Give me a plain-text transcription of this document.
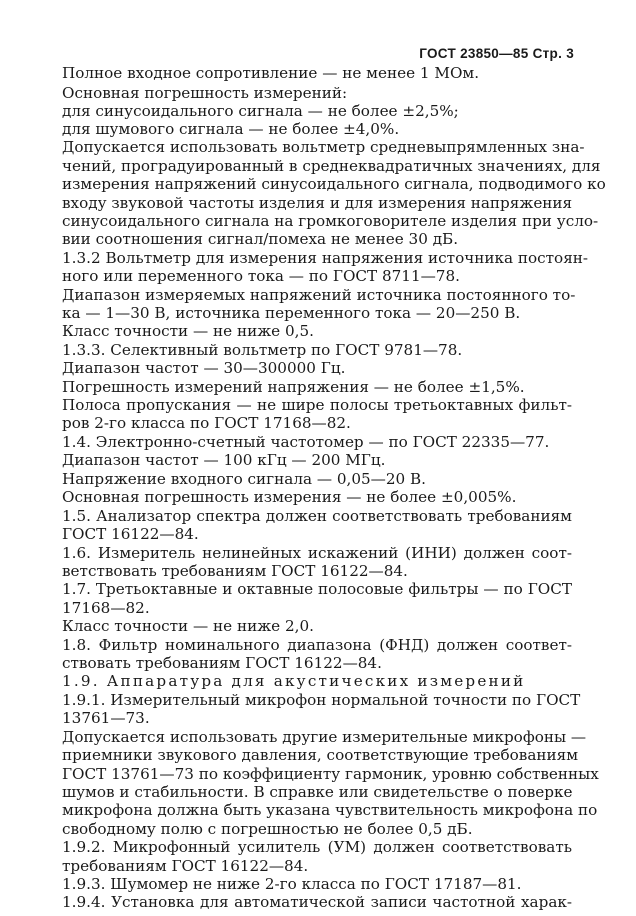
ГОСТ 23850—85 Стр. 3
Полное входное сопротивление — не менее 1 МОм.
Основная погрешность измерений:
для синусоидального сигнала — не более ±2,5%;
для шумового сигнала — не более ±4,0%.
Допускается использовать вольтметр средневыпрямленных зна-
чений, проградуированный в среднеквадратичных значениях, для
измерения напряжений синусоидального сигнала, подводимого ко
входу звуковой частоты изделия и для измерения напряжения
синусоидального сигнала на громкоговорителе изделия при усло-
вии соотношения сигнал/помеха не менее 30 дБ.
1.3.2 Вольтметр для измерения напряжения источника постоян-
ного или переменного тока — по ГОСТ 8711—78.
Диапазон измеряемых напряжений источника постоянного то-
ка — 1—30 В, источника переменного тока — 20—250 В.
Класс точности — не ниже 0,5.
1.3.3. Селективный вольтметр по ГОСТ 9781—78.
Диапазон частот — 30—300000 Гц.
Погрешность измерений напряжения — не более ±1,5%.
Полоса пропускания — не шире полосы третьоктавных фильт-
ров 2-го класса по ГОСТ 17168—82.
1.4. Электронно-счетный частотомер — по ГОСТ 22335—77.
Диапазон частот — 100 кГц — 200 МГц.
Напряжение входного сигнала — 0,05—20 В.
Основная погрешность измерения — не более ±0,005%.
1.5. Анализатор спектра должен соответствовать требованиям
ГОСТ 16122—84.
1.6. Измеритель нелинейных искажений (ИНИ) должен соот-
ветствовать требованиям ГОСТ 16122—84.
1.7. Третьоктавные и октавные полосовые фильтры — по ГОСТ
17168—82.
Класс точности — не ниже 2,0.
1.8. Фильтр номинального диапазона (ФНД) должен соответ-
ствовать требованиям ГОСТ 16122—84.
1.9. Аппаратура для акустических измерений
1.9.1. Измерительный микрофон нормальной точности по ГОСТ
13761—73.
Допускается использовать другие измерительные микрофоны —
приемники звукового давления, соответствующие требованиям
ГОСТ 13761—73 по коэффициенту гармоник, уровню собственных
шумов и стабильности. В справке или свидетельстве о поверке
микрофона должна быть указана чувствительность микрофона по
свободному полю с погрешностью не более 0,5 дБ.
1.9.2. Микрофонный усилитель (УМ) должен соответствовать
требованиям ГОСТ 16122—84.
1.9.3. Шумомер не ниже 2-го класса по ГОСТ 17187—81.
1.9.4. Установка для автоматической записи частотной харак-
